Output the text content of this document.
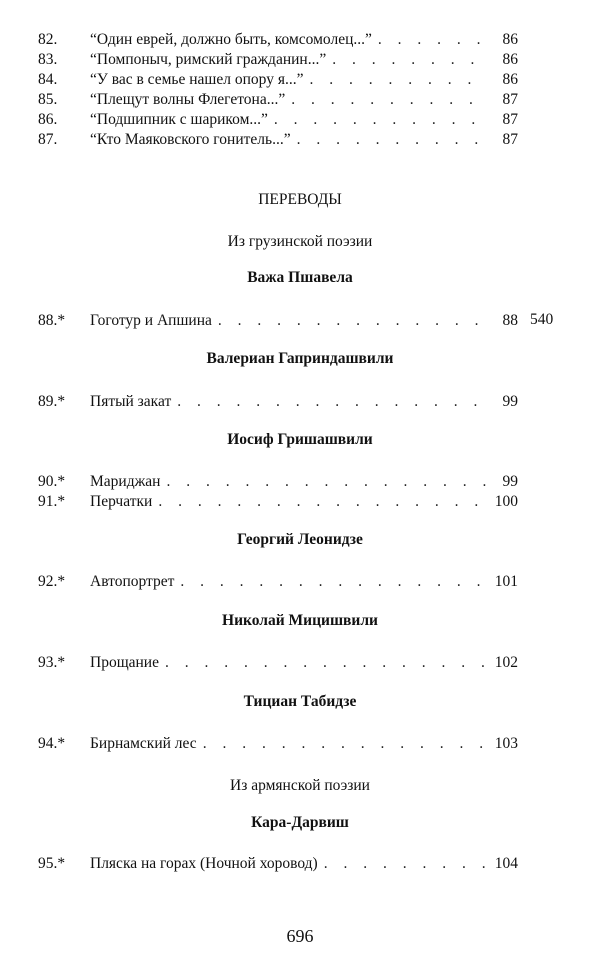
82.	“Один еврей, должно быть, комсомолец...” . . .	86
83.	“Помпоныч, римский гражданин...” . . .	86
84.	“У вас в семье нашел опору я...” . . .	86
85.	“Плещут волны Флегетона...” . . .	87
86.	“Подшипник с шариком...” . . .	87
87.	“Кто Маяковского гонитель...” . . .	87
ПЕРЕВОДЫ
Из грузинской поэзии
Важа Пшавела
88.*	Гоготур и Апшина . . .	88 540
Валериан Гаприндашвили
89.*	Пятый закат . . .	99
Иосиф Гришашвили
90.*	Мариджан . . .	99
91.*	Перчатки . . .	100
Георгий Леонидзе
92.*	Автопортрет . . .	101
Николай Мицишвили
93.*	Прощание . . .	102
Тициан Табидзе
94.*	Бирнамский лес . . .	103
Из армянской поэзии
Кара-Дарвиш
95.*	Пляска на горах (Ночной хоровод) . . .	104
696
